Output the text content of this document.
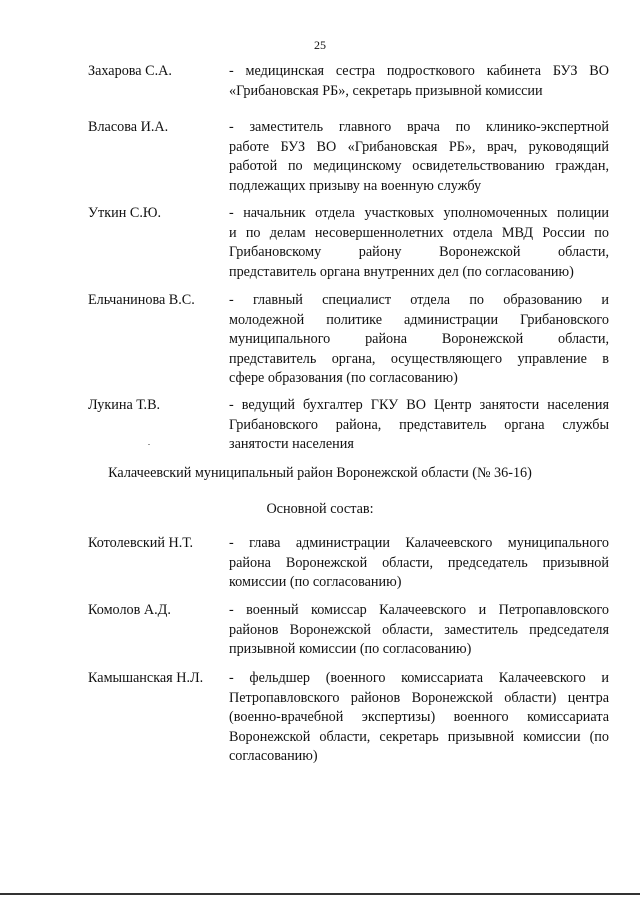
25
Захарова С.А.	- медицинская сестра подросткового кабинета БУЗ ВО
«Грибановская РБ», секретарь призывной комиссии
Власова И.А.	- заместитель главного врача по клинико-экспертной
работе БУЗ ВО «Грибановская РБ», врач, руководящий
работой по медицинскому освидетельствованию граждан,
подлежащих призыву на военную службу
Уткин С.Ю.	- начальник отдела участковых уполномоченных полиции
и по делам несовершеннолетних отдела МВД России по
Грибановскому району Воронежской области,
представитель органа внутренних дел (по согласованию)
Ельчанинова В.С. - главный специалист отдела по образованию и
молодежной политике администрации Грибановского
муниципального района Воронежской области,
представитель органа, осуществляющего управление в
сфере образования (по согласованию)
Лукина Т.В.	- ведущий бухгалтер ГКУ ВО Центр занятости населения
Грибановского района, представитель органа службы
занятости населения
Калачеевский муниципальный район Воронежской области (№ 36-16)
Основной состав:
Котолевский Н.Т.	- глава администрации Калачеевского муниципального
района Воронежской области, председатель призывной
комиссии (по согласованию)
Комолов А.Д.	- военный комиссар Калачеевского и Петропавловского
районов Воронежской области, заместитель председателя
призывной комиссии (по согласованию)
Камышанская Н.Л. - фельдшер (военного комиссариата Калачеевского и
Петропавловского районов Воронежской области) центра
(военно-врачебной экспертизы) военного комиссариата
Воронежской области, секретарь призывной комиссии (по
согласованию)
